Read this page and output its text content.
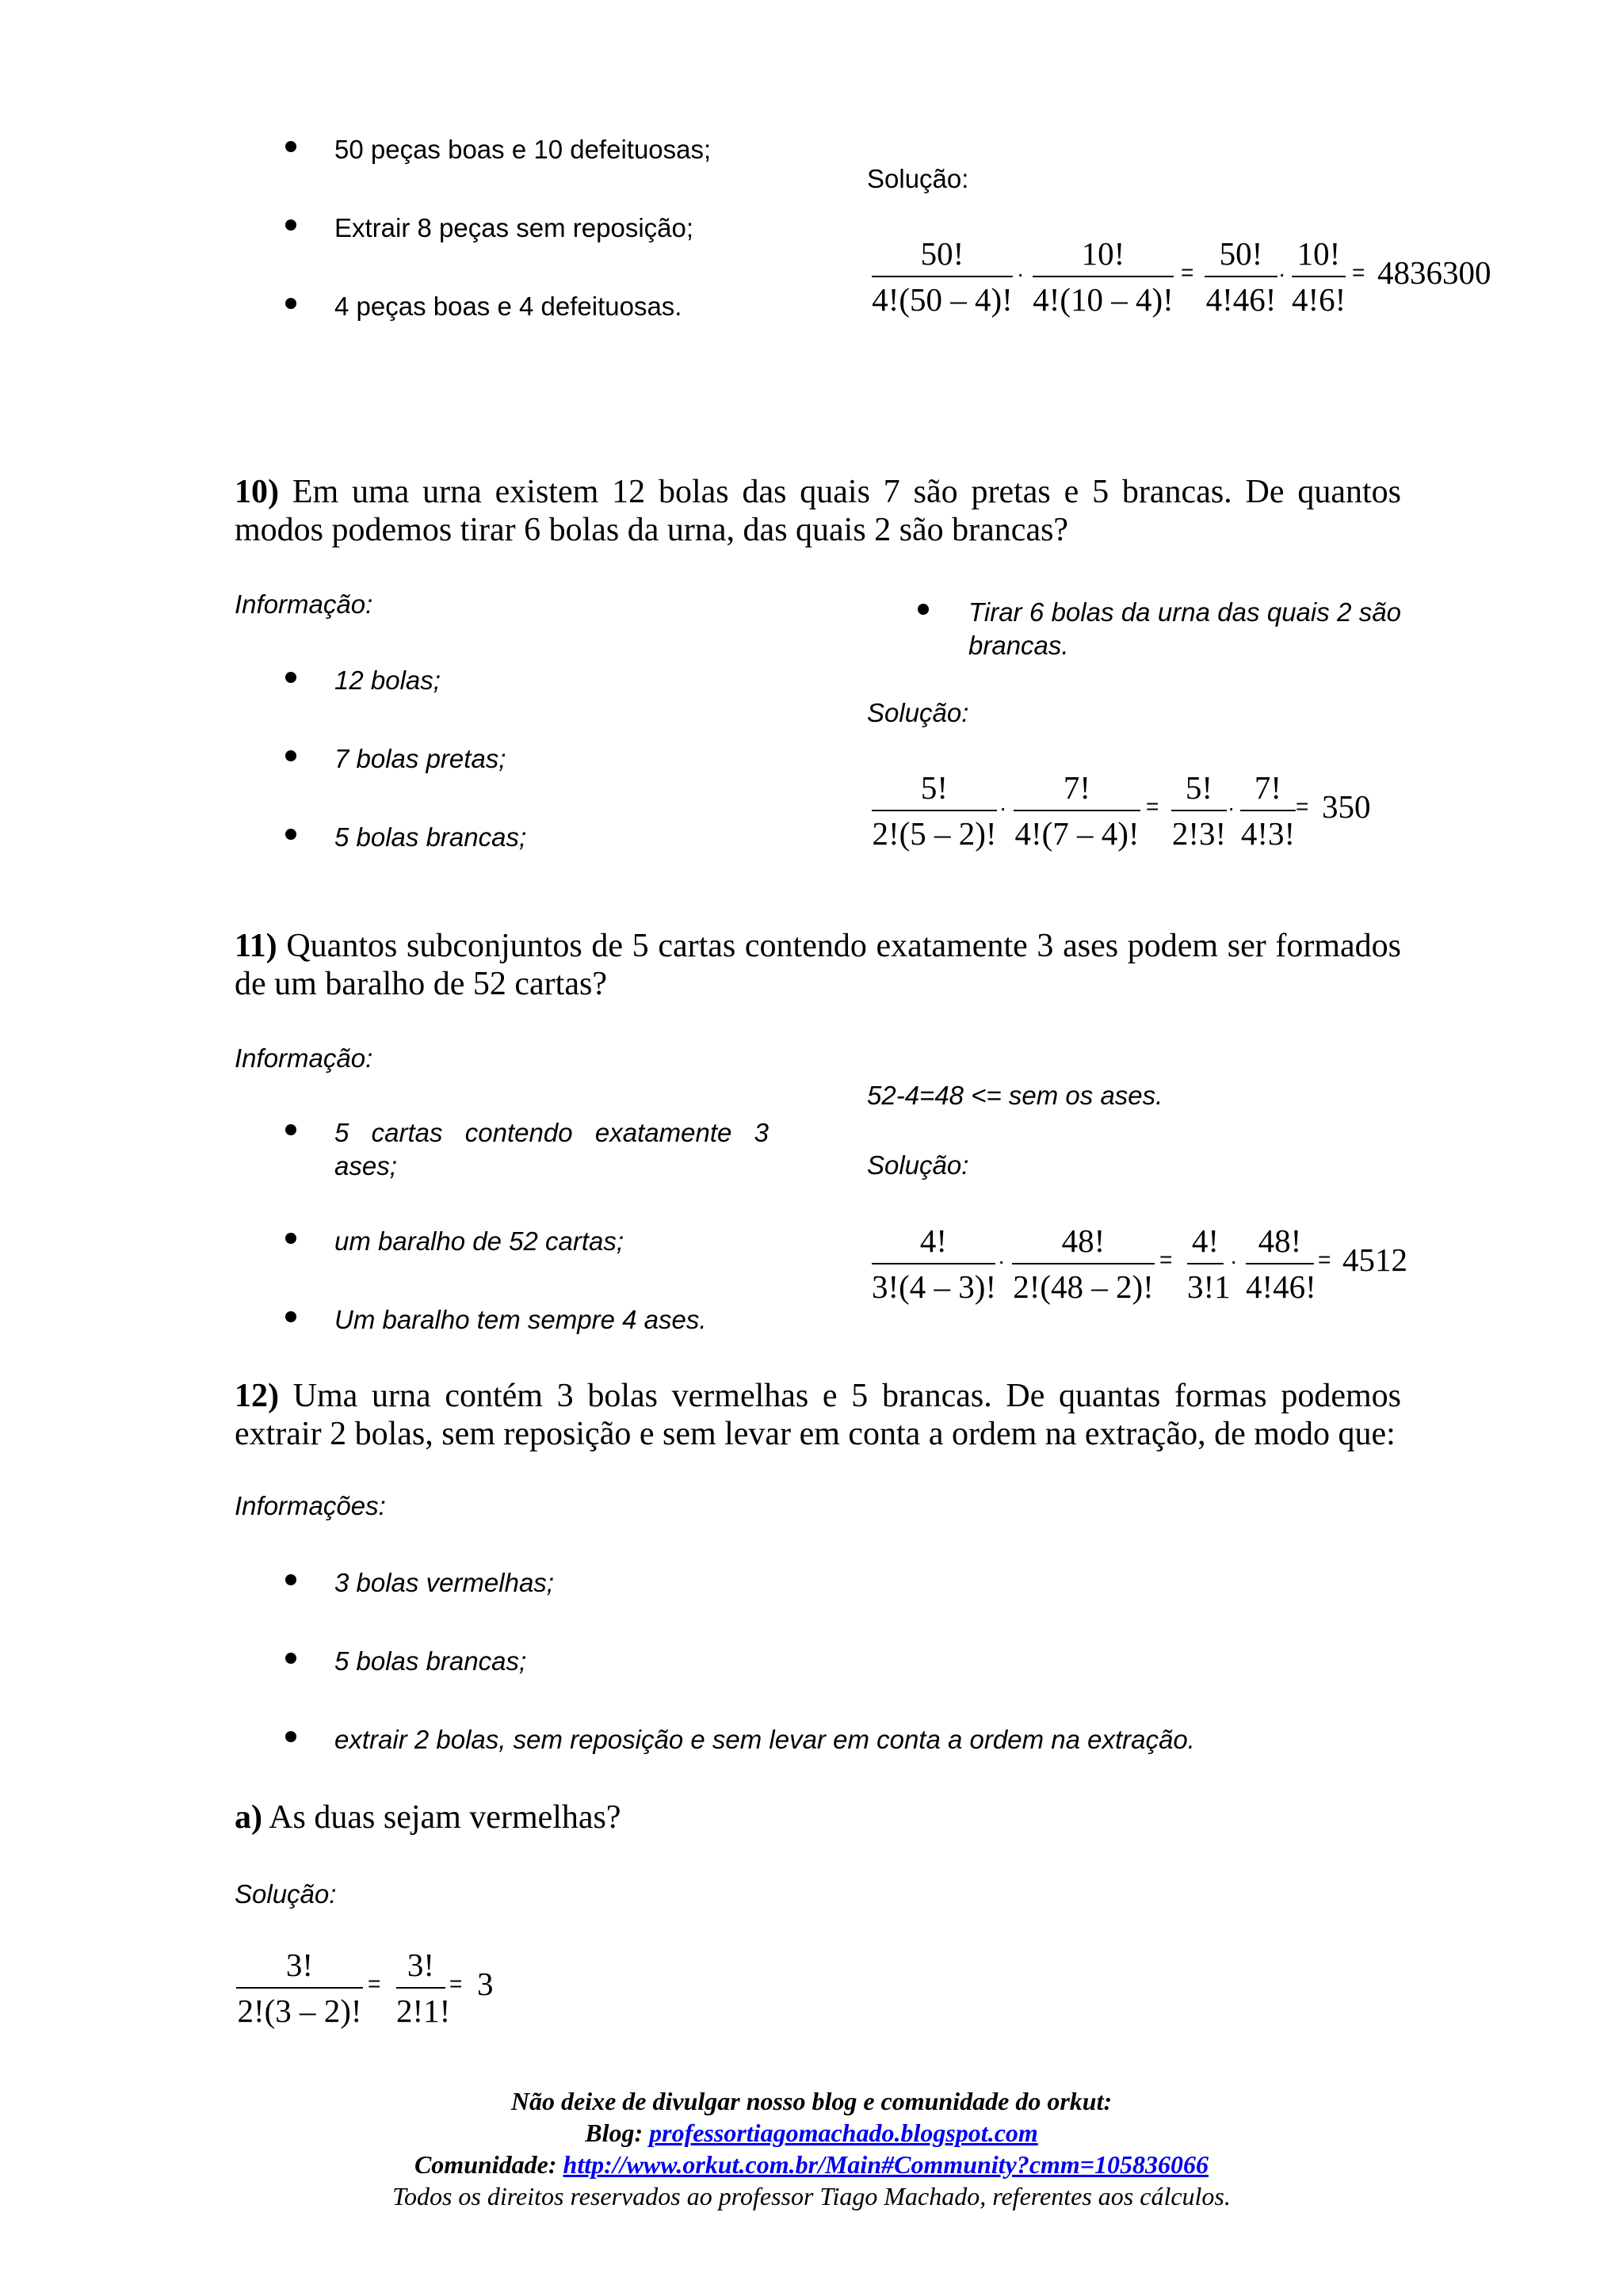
50 peças boas e 10 defeituosas;
Extrair 8 peças sem reposição;
4 peças boas e 4 defeituosas.
Solução:
50!
4!(50 – 4)!
·
10!
4!(10 – 4)!
=
50!
4!46!
·
10!
4!6!
= 4836300
10) Em uma urna existem 12 bolas das quais 7 são pretas e 5 brancas. De quantos modos podemos tirar 6 bolas da urna, das quais 2 são brancas?
Informação:
12 bolas;
7 bolas pretas;
5 bolas brancas;
Tirar 6 bolas da urna das quais 2 são brancas.
Solução:
5!
2!(5 – 2)!
·
7!
4!(7 – 4)!
=
5!
2!3!
·
7!
4!3!
= 350
11) Quantos subconjuntos de 5 cartas contendo exatamente 3 ases podem ser formados de um baralho de 52 cartas?
Informação:
5 cartas contendo exatamente 3 ases;
um baralho de 52 cartas;
Um baralho tem sempre 4 ases.
52-4=48 <= sem os ases.
Solução:
4!
3!(4 – 3)!
·
48!
2!(48 – 2)!
=
4!
3!1
·
48!
4!46!
= 4512
12) Uma urna contém 3 bolas vermelhas e 5 brancas. De quantas formas podemos extrair 2 bolas, sem reposição e sem levar em conta a ordem na extração, de modo que:
Informações:
3 bolas vermelhas;
5 bolas brancas;
extrair 2 bolas, sem reposição e sem levar em conta a ordem na extração.
a) As duas sejam vermelhas?
Solução:
3!
2!(3 – 2)!
=
3!
2!1!
= 3
Não deixe de divulgar nosso blog e comunidade do orkut:
Blog: professortiagomachado.blogspot.com
Comunidade: http://www.orkut.com.br/Main#Community?cmm=105836066
Todos os direitos reservados ao professor Tiago Machado, referentes aos cálculos.
